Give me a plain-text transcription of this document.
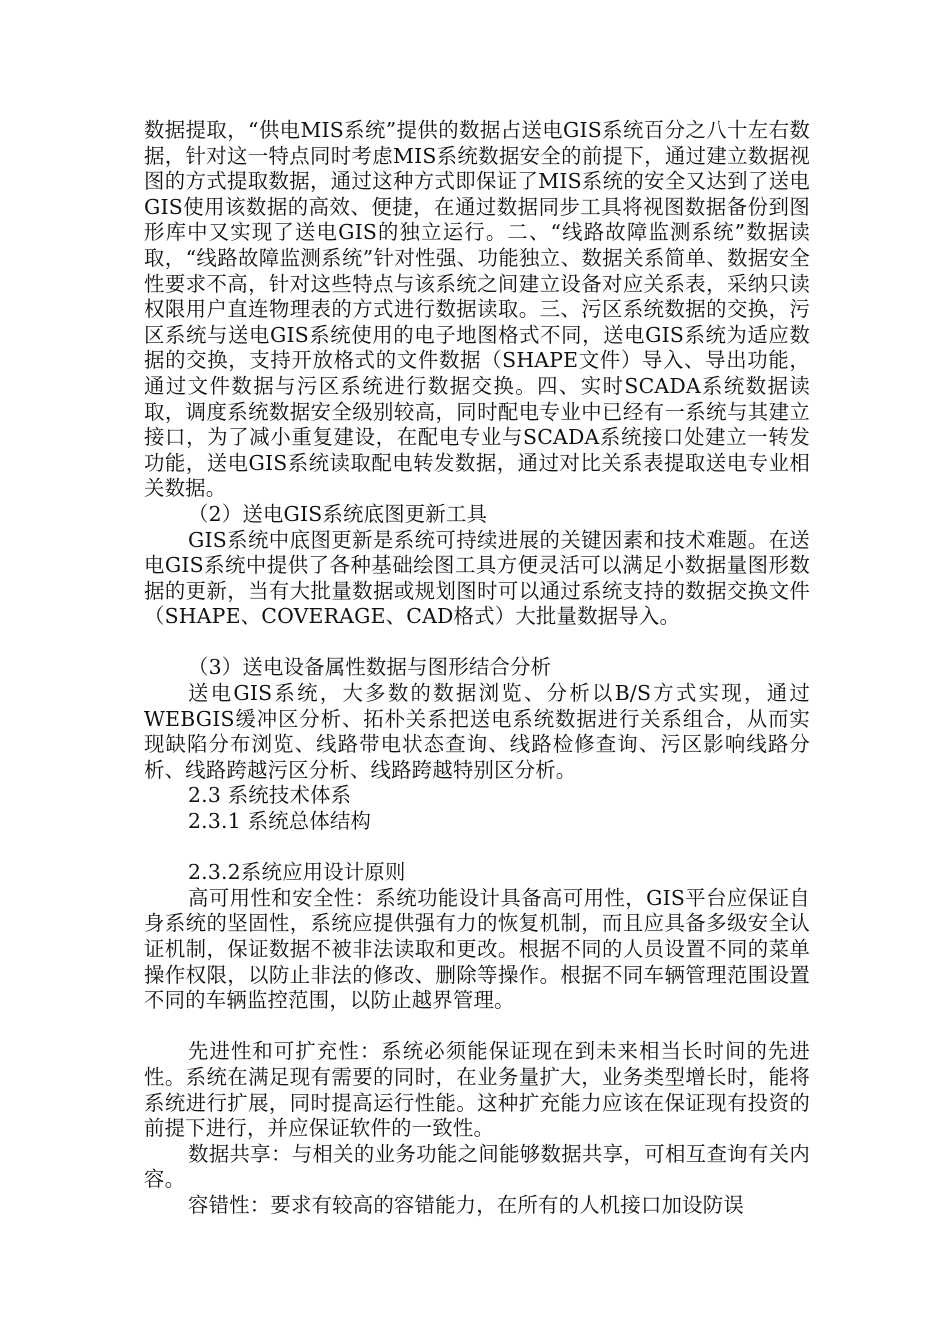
数据提取，“供电MIS系统”提供的数据占送电GIS系统百分之八十左右数据，针对这一特点同时考虑MIS系统数据安全的前提下，通过建立数据视图的方式提取数据，通过这种方式即保证了MIS系统的安全又达到了送电GIS使用该数据的高效、便捷，在通过数据同步工具将视图数据备份到图形库中又实现了送电GIS的独立运行。二、“线路故障监测系统”数据读取，“线路故障监测系统”针对性强、功能独立、数据关系简单、数据安全性要求不高，针对这些特点与该系统之间建立设备对应关系表，采纳只读权限用户直连物理表的方式进行数据读取。三、污区系统数据的交换，污区系统与送电GIS系统使用的电子地图格式不同，送电GIS系统为适应数据的交换，支持开放格式的文件数据（SHAPE文件）导入、导出功能，通过文件数据与污区系统进行数据交换。四、实时SCADA系统数据读取，调度系统数据安全级别较高，同时配电专业中已经有一系统与其建立接口，为了减小重复建设，在配电专业与SCADA系统接口处建立一转发功能，送电GIS系统读取配电转发数据，通过对比关系表提取送电专业相关数据。

（2）送电GIS系统底图更新工具

GIS系统中底图更新是系统可持续进展的关键因素和技术难题。在送电GIS系统中提供了各种基础绘图工具方便灵活可以满足小数据量图形数据的更新，当有大批量数据或规划图时可以通过系统支持的数据交换文件（SHAPE、COVERAGE、CAD格式）大批量数据导入。

（3）送电设备属性数据与图形结合分析

送电GIS系统，大多数的数据浏览、分析以B/S方式实现，通过WEBGIS缓冲区分析、拓朴关系把送电系统数据进行关系组合，从而实现缺陷分布浏览、线路带电状态查询、线路检修查询、污区影响线路分析、线路跨越污区分析、线路跨越特别区分析。

2.3 系统技术体系

2.3.1 系统总体结构

2.3.2系统应用设计原则

高可用性和安全性：系统功能设计具备高可用性，GIS平台应保证自身系统的坚固性，系统应提供强有力的恢复机制，而且应具备多级安全认证机制，保证数据不被非法读取和更改。根据不同的人员设置不同的菜单操作权限，以防止非法的修改、删除等操作。根据不同车辆管理范围设置不同的车辆监控范围，以防止越界管理。

先进性和可扩充性：系统必须能保证现在到未来相当长时间的先进性。系统在满足现有需要的同时，在业务量扩大，业务类型增长时，能将系统进行扩展，同时提高运行性能。这种扩充能力应该在保证现有投资的前提下进行，并应保证软件的一致性。

数据共享：与相关的业务功能之间能够数据共享，可相互查询有关内容。

容错性：要求有较高的容错能力，在所有的人机接口加设防误
